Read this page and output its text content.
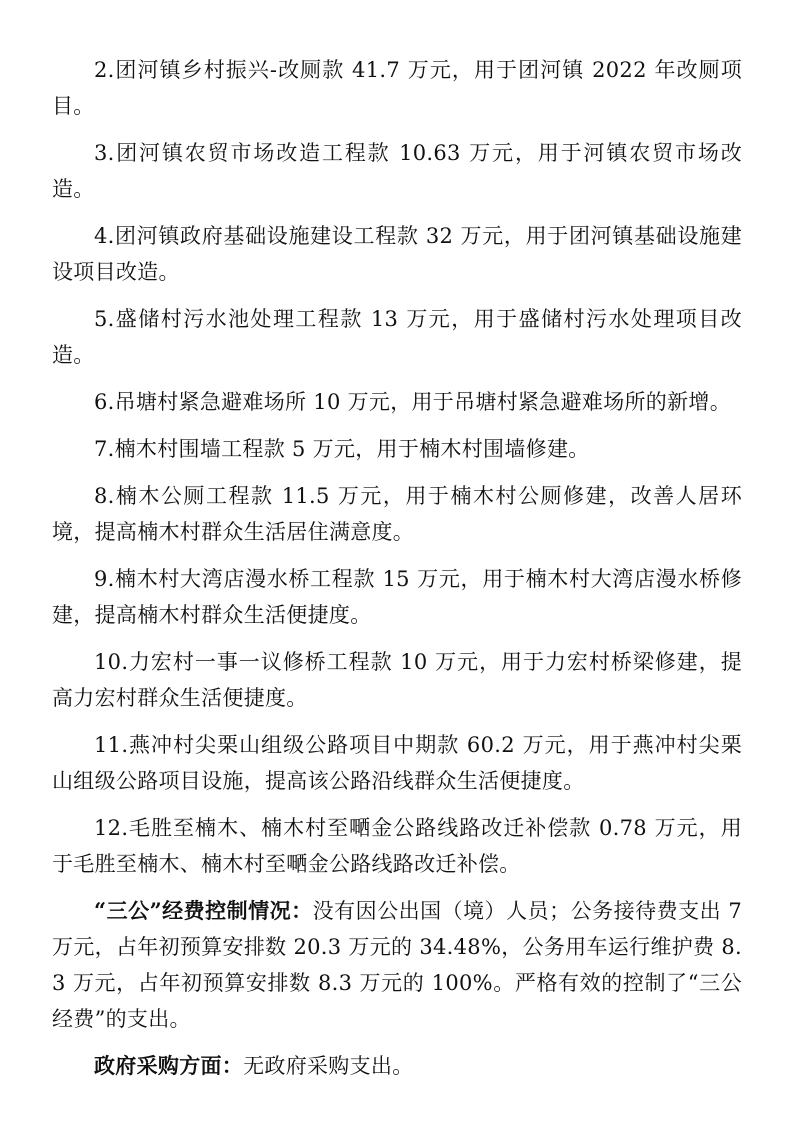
2.团河镇乡村振兴-改厕款 41.7 万元，用于团河镇 2022 年改厕项目。

3.团河镇农贸市场改造工程款 10.63 万元，用于河镇农贸市场改造。

4.团河镇政府基础设施建设工程款 32 万元，用于团河镇基础设施建设项目改造。

5.盛储村污水池处理工程款 13 万元，用于盛储村污水处理项目改造。

6.吊塘村紧急避难场所 10 万元，用于吊塘村紧急避难场所的新增。

7.楠木村围墙工程款 5 万元，用于楠木村围墙修建。

8.楠木公厕工程款 11.5 万元，用于楠木村公厕修建，改善人居环境，提高楠木村群众生活居住满意度。

9.楠木村大湾店漫水桥工程款 15 万元，用于楠木村大湾店漫水桥修建，提高楠木村群众生活便捷度。

10.力宏村一事一议修桥工程款 10 万元，用于力宏村桥梁修建，提高力宏村群众生活便捷度。

11.燕冲村尖栗山组级公路项目中期款 60.2 万元，用于燕冲村尖栗山组级公路项目设施，提高该公路沿线群众生活便捷度。

12.毛胜至楠木、楠木村至嗮金公路线路改迁补偿款 0.78 万元，用于毛胜至楠木、楠木村至嗮金公路线路改迁补偿。

“三公”经费控制情况：没有因公出国（境）人员；公务接待费支出 7 万元，占年初预算安排数 20.3 万元的 34.48%，公务用车运行维护费 8.3 万元，占年初预算安排数 8.3 万元的 100%。严格有效的控制了“三公经费”的支出。

政府采购方面：无政府采购支出。
